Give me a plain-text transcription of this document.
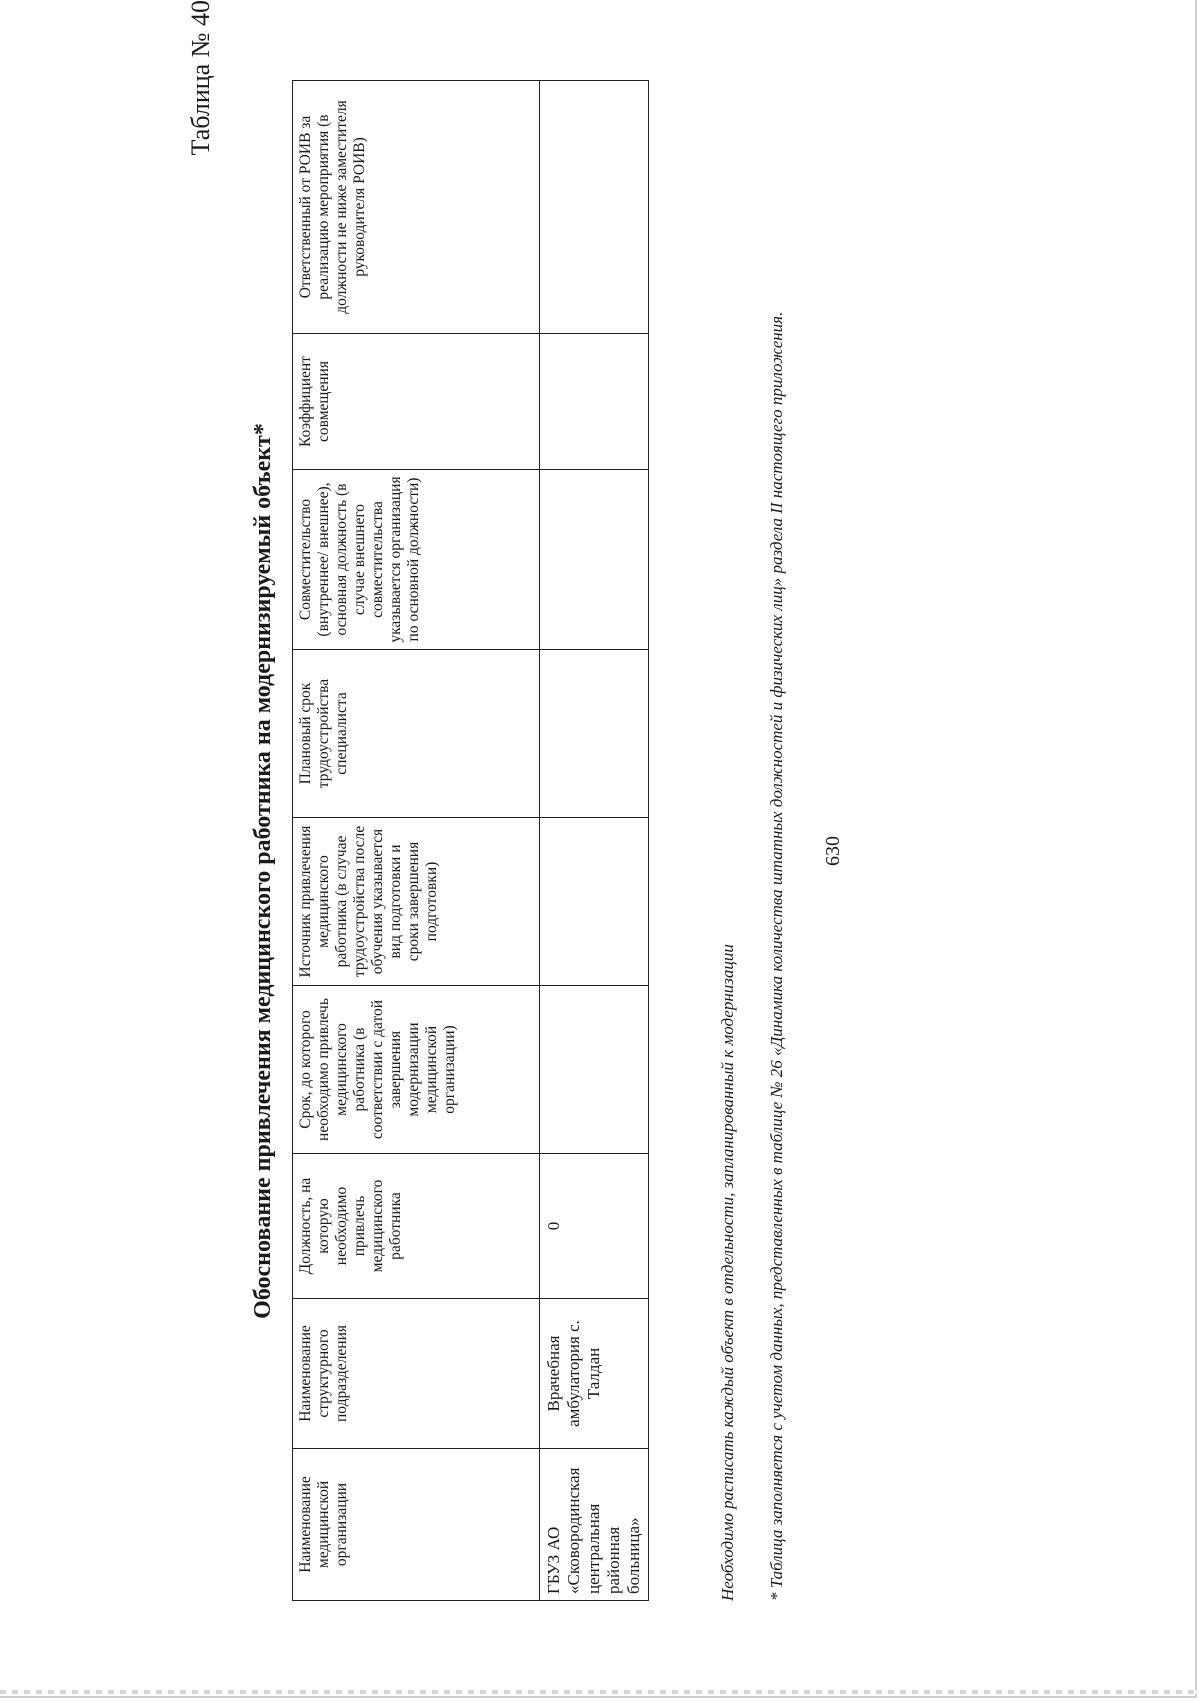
630
Таблица № 40
Обоснование привлечения медицинского работника на модернизируемый объект*
Наименование медицинской организации	Наименование структурного подразделения	Должность, на которую необходимо привлечь медицинского работника	Срок, до которого необходимо привлечь медицинского работника (в соответствии с датой завершения модернизации медицинской организации)	Источник привлечения медицинского работника (в случае трудоустройства после обучения указывается вид подготовки и сроки завершения подготовки)	Плановый срок трудоустройства специалиста	Совместительство (внутреннее/ внешнее), основная должность (в случае внешнего совместительства указывается организация по основной должности)	Коэффициент совмещения	Ответственный от РОИВ за реализацию мероприятия (в должности не ниже заместителя руководителя РОИВ)
ГБУЗ АО «Сковородинская центральная районная больница»	Врачебная амбулатория с. Талдан	0							Необходимо расписать каждый объект в отдельности, запланированный к модернизации * Таблица заполняется с учетом данных, представленных в таблице № 26 «Динамика количества штатных должностей и физических лиц» раздела II настоящего приложения.
